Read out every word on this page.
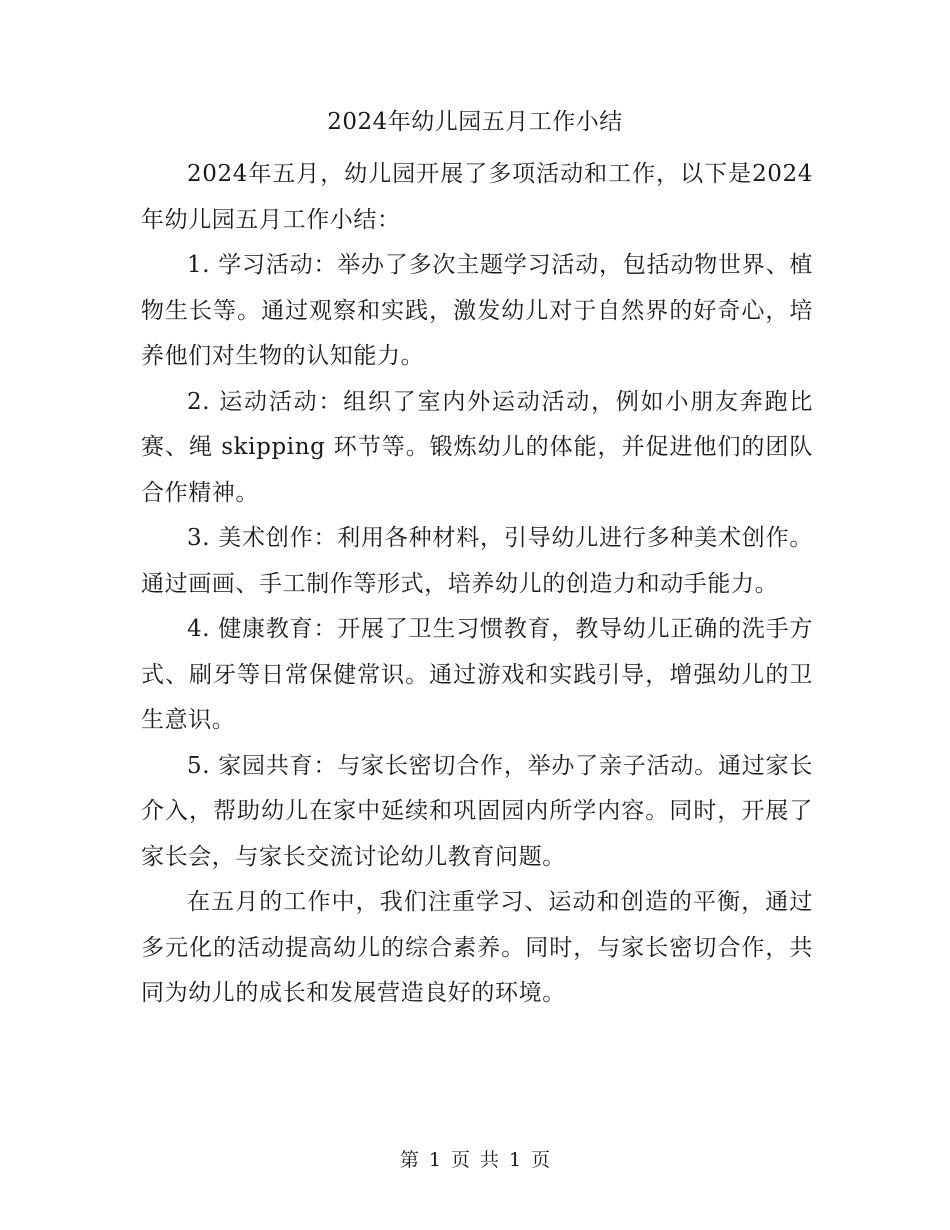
2024年幼儿园五月工作小结

2024年五月，幼儿园开展了多项活动和工作，以下是2024年幼儿园五月工作小结：

1. 学习活动：举办了多次主题学习活动，包括动物世界、植物生长等。通过观察和实践，激发幼儿对于自然界的好奇心，培养他们对生物的认知能力。

2. 运动活动：组织了室内外运动活动，例如小朋友奔跑比赛、绳 skipping 环节等。锻炼幼儿的体能，并促进他们的团队合作精神。

3. 美术创作：利用各种材料，引导幼儿进行多种美术创作。通过画画、手工制作等形式，培养幼儿的创造力和动手能力。

4. 健康教育：开展了卫生习惯教育，教导幼儿正确的洗手方式、刷牙等日常保健常识。通过游戏和实践引导，增强幼儿的卫生意识。

5. 家园共育：与家长密切合作，举办了亲子活动。通过家长介入，帮助幼儿在家中延续和巩固园内所学内容。同时，开展了家长会，与家长交流讨论幼儿教育问题。

在五月的工作中，我们注重学习、运动和创造的平衡，通过多元化的活动提高幼儿的综合素养。同时，与家长密切合作，共同为幼儿的成长和发展营造良好的环境。

第 1 页 共 1 页
